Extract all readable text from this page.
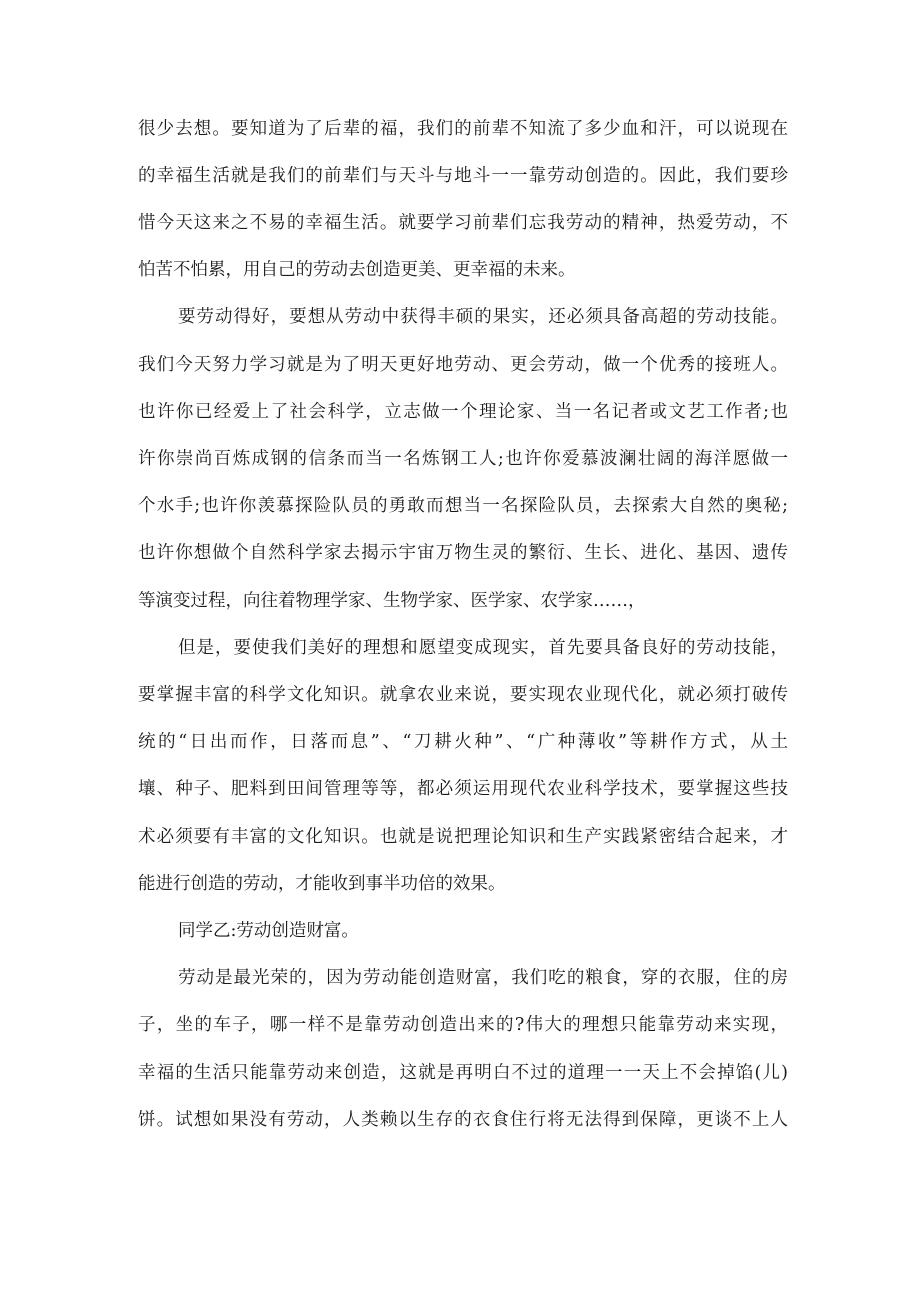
很少去想。要知道为了后辈的福，我们的前辈不知流了多少血和汗，可以说现在
的幸福生活就是我们的前辈们与天斗与地斗一一靠劳动创造的。因此，我们要珍
惜今天这来之不易的幸福生活。就要学习前辈们忘我劳动的精神，热爱劳动，不
怕苦不怕累，用自己的劳动去创造更美、更幸福的未来。
要劳动得好，要想从劳动中获得丰硕的果实，还必须具备高超的劳动技能。
我们今天努力学习就是为了明天更好地劳动、更会劳动，做一个优秀的接班人。
也许你已经爱上了社会科学，立志做一个理论家、当一名记者或文艺工作者;也
许你崇尚百炼成钢的信条而当一名炼钢工人;也许你爱慕波澜壮阔的海洋愿做一
个水手;也许你羡慕探险队员的勇敢而想当一名探险队员，去探索大自然的奥秘;
也许你想做个自然科学家去揭示宇宙万物生灵的繁衍、生长、进化、基因、遗传
等演变过程，向往着物理学家、生物学家、医学家、农学家……，
但是，要使我们美好的理想和愿望变成现实，首先要具备良好的劳动技能，
要掌握丰富的科学文化知识。就拿农业来说，要实现农业现代化，就必须打破传
统的“日出而作，日落而息”、“刀耕火种”、“广种薄收”等耕作方式，从土
壤、种子、肥料到田间管理等等，都必须运用现代农业科学技术，要掌握这些技
术必须要有丰富的文化知识。也就是说把理论知识和生产实践紧密结合起来，才
能进行创造的劳动，才能收到事半功倍的效果。
同学乙:劳动创造财富。
劳动是最光荣的，因为劳动能创造财富，我们吃的粮食，穿的衣服，住的房
子，坐的车子，哪一样不是靠劳动创造出来的?伟大的理想只能靠劳动来实现，
幸福的生活只能靠劳动来创造，这就是再明白不过的道理一一天上不会掉馅(儿)
饼。试想如果没有劳动，人类赖以生存的衣食住行将无法得到保障，更谈不上人
